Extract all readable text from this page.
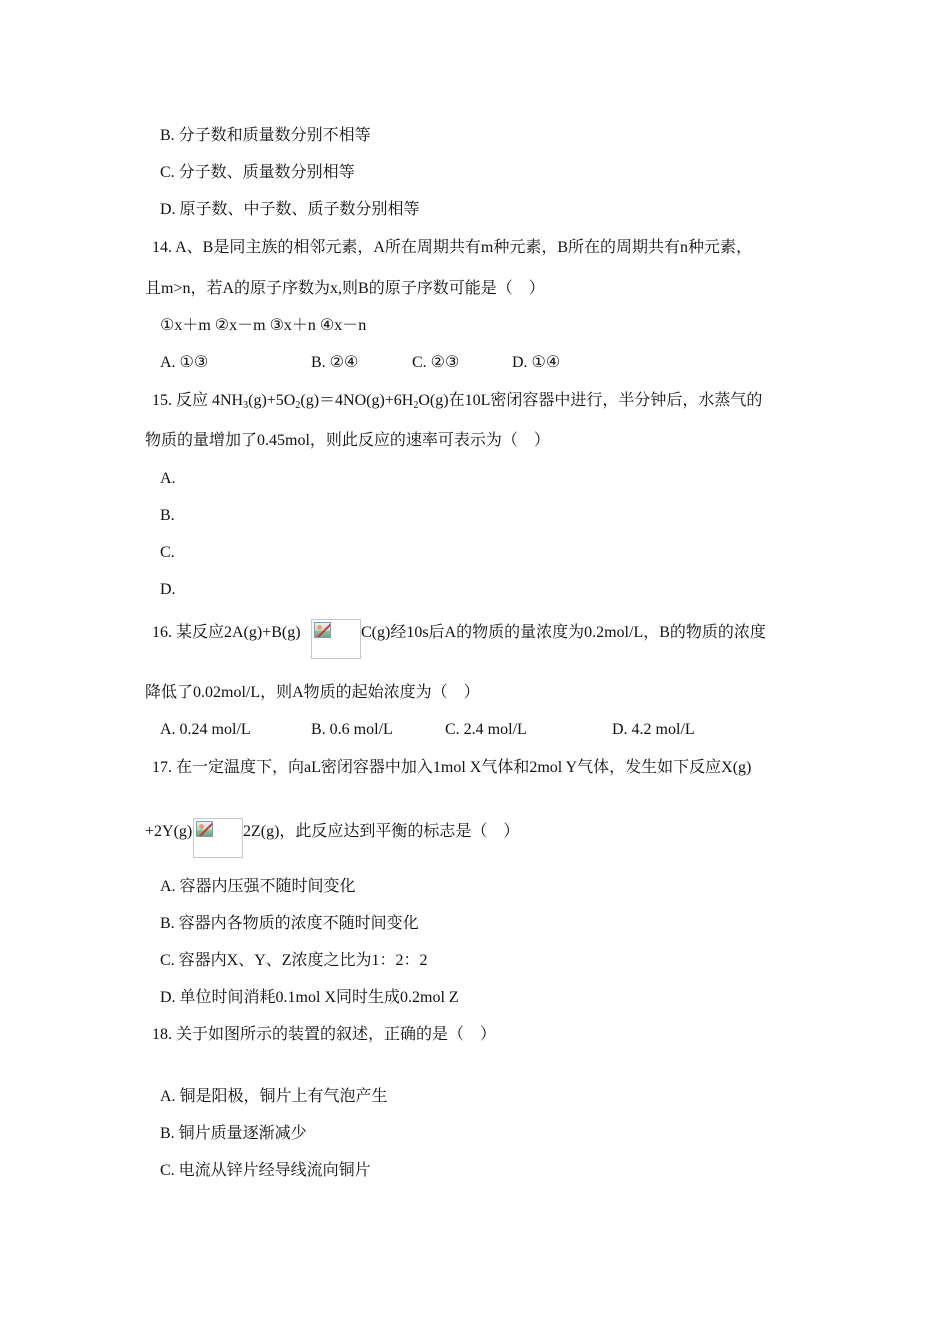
B. 分子数和质量数分别不相等
C. 分子数、质量数分别相等
D. 原子数、中子数、质子数分别相等
14. A、B是同主族的相邻元素，A所在周期共有m种元素，B所在的周期共有n种元素，
且m>n，若A的原子序数为x,则B的原子序数可能是（　）
①x＋m ②x－m ③x＋n ④x－n
A. ①③	B. ②④	C. ②③	D. ①④
15. 反应 $4NH_3(g)+5O_2(g)=4NO(g)+6H_2O(g)$在10L密闭容器中进行，半分钟后，水蒸气的
物质的量增加了0.45mol，则此反应的速率可表示为（　）
A.
B.
C.
D.
16. 某反应2A(g)+B(g)	C(g)经10s后A的物质的量浓度为0.2mol/L，B的物质的浓度
降低了0.02mol/L，则A物质的起始浓度为（　）
A. 0.24 mol/L	B. 0.6 mol/L	C. 2.4 mol/L	D. 4.2 mol/L
17. 在一定温度下，向aL密闭容器中加入1mol X气体和2mol Y气体，发生如下反应X(g)
+2Y(g)	2Z(g)，此反应达到平衡的标志是（　）
A. 容器内压强不随时间变化
B. 容器内各物质的浓度不随时间变化
C. 容器内X、Y、Z浓度之比为1：2：2
D. 单位时间消耗0.1mol X同时生成0.2mol Z
18. 关于如图所示的装置的叙述，正确的是（　）
A. 铜是阳极，铜片上有气泡产生
B. 铜片质量逐渐减少
C. 电流从锌片经导线流向铜片
